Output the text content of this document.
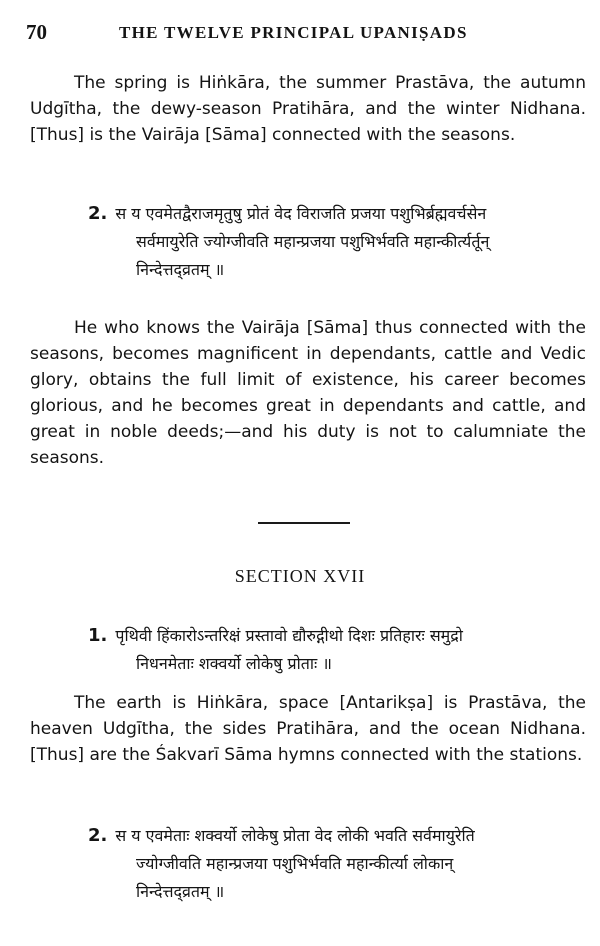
70	THE TWELVE PRINCIPAL UPANIṢADS

The spring is Hiṅkāra, the summer Prastāva, the autumn Udgītha, the dewy-season Pratihāra, and the winter Nidhana. [Thus] is the Vairāja [Sāma] connected with the seasons.

2. स य एवमेतद्वैराजमृतुषु प्रोतं वेद विराजति प्रजया पशुभिर्ब्रह्मवर्चसेन
सर्वमायुरेति ज्योग्जीवति महान्प्रजया पशुभिर्भवति महान्कीर्त्यर्तून्
निन्देत्तद्व्रतम् ॥

He who knows the Vairāja [Sāma] thus connected with the seasons, becomes magnificent in dependants, cattle and Vedic glory, obtains the full limit of existence, his career becomes glorious, and he becomes great in dependants and cattle, and great in noble deeds;—and his duty is not to calumniate the seasons.

SECTION XVII
1. पृथिवी हिंकारोऽन्तरिक्षं प्रस्तावो द्यौरुद्गीथो दिशः प्रतिहारः समुद्रो
निधनमेताः शक्वर्यो लोकेषु प्रोताः ॥

The earth is Hiṅkāra, space [Antarikṣa] is Prastāva, the heaven Udgītha, the sides Pratihāra, and the ocean Nidhana. [Thus] are the Śakvarī Sāma hymns connected with the stations.

2. स य एवमेताः शक्वर्यो लोकेषु प्रोता वेद लोकी भवति सर्वमायुरेति
ज्योग्जीवति महान्प्रजया पशुभिर्भवति महान्कीर्त्या लोकान्
निन्देत्तद्व्रतम् ॥
